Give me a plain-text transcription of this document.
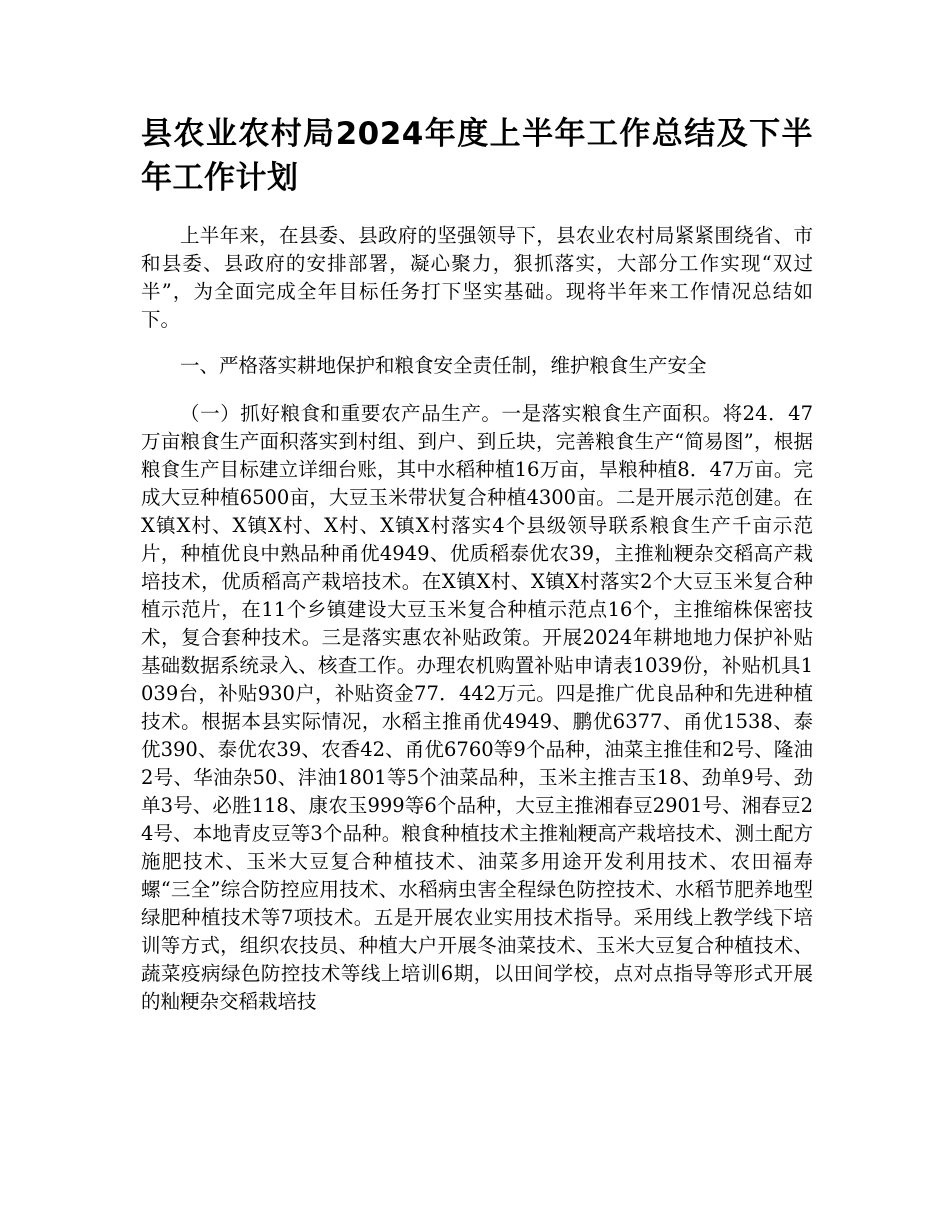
县农业农村局2024年度上半年工作总结及下半年工作计划

上半年来，在县委、县政府的坚强领导下，县农业农村局紧紧围绕省、市和县委、县政府的安排部署，凝心聚力，狠抓落实，大部分工作实现“双过半”，为全面完成全年目标任务打下坚实基础。现将半年来工作情况总结如下。

一、严格落实耕地保护和粮食安全责任制，维护粮食生产安全

（一）抓好粮食和重要农产品生产。一是落实粮食生产面积。将24．47万亩粮食生产面积落实到村组、到户、到丘块，完善粮食生产“简易图”，根据粮食生产目标建立详细台账，其中水稻种植16万亩，旱粮种植8．47万亩。完成大豆种植6500亩，大豆玉米带状复合种植4300亩。二是开展示范创建。在X镇X村、X镇X村、X村、X镇X村落实4个县级领导联系粮食生产千亩示范片，种植优良中熟品种甬优4949、优质稻泰优农39，主推籼粳杂交稻高产栽培技术，优质稻高产栽培技术。在X镇X村、X镇X村落实2个大豆玉米复合种植示范片，在11个乡镇建设大豆玉米复合种植示范点16个，主推缩株保密技术，复合套种技术。三是落实惠农补贴政策。开展2024年耕地地力保护补贴基础数据系统录入、核查工作。办理农机购置补贴申请表1039份，补贴机具1039台，补贴930户，补贴资金77．442万元。四是推广优良品种和先进种植技术。根据本县实际情况，水稻主推甬优4949、鹏优6377、甬优1538、泰优390、泰优农39、农香42、甬优6760等9个品种，油菜主推佳和2号、隆油2号、华油杂50、沣油1801等5个油菜品种，玉米主推吉玉18、劲单9号、劲单3号、必胜118、康农玉999等6个品种，大豆主推湘春豆2901号、湘春豆24号、本地青皮豆等3个品种。粮食种植技术主推籼粳高产栽培技术、测土配方施肥技术、玉米大豆复合种植技术、油菜多用途开发利用技术、农田福寿螺“三全”综合防控应用技术、水稻病虫害全程绿色防控技术、水稻节肥养地型绿肥种植技术等7项技术。五是开展农业实用技术指导。采用线上教学线下培训等方式，组织农技员、种植大户开展冬油菜技术、玉米大豆复合种植技术、蔬菜疫病绿色防控技术等线上培训6期，以田间学校，点对点指导等形式开展的籼粳杂交稻栽培技
